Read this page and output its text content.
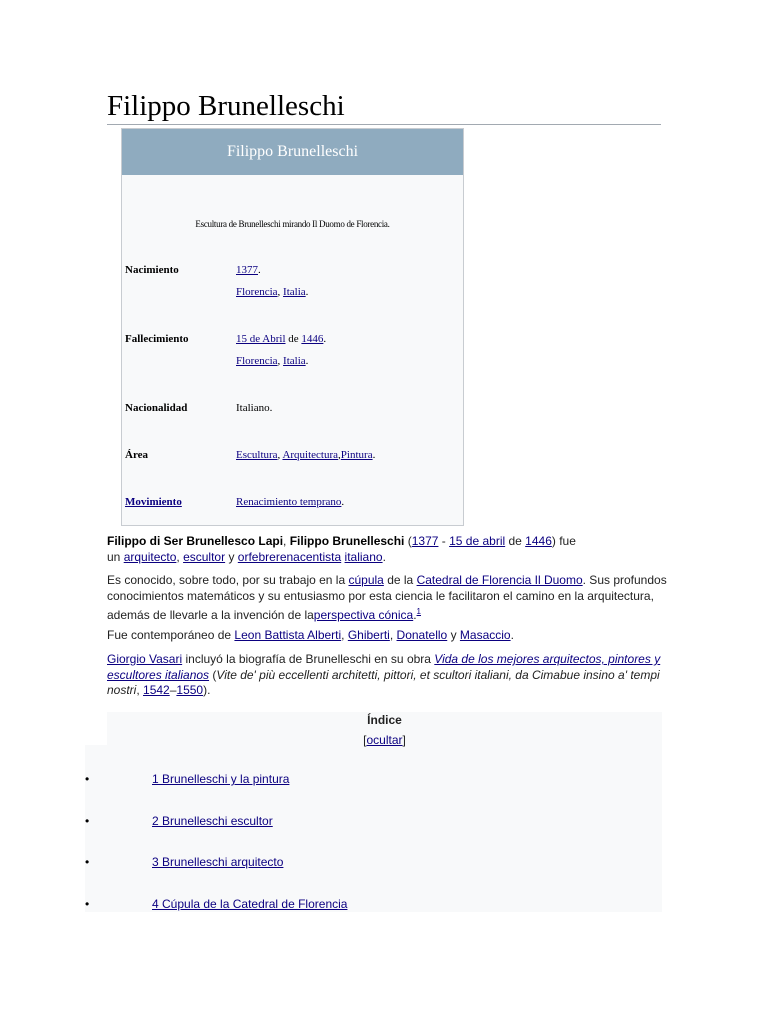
Filippo Brunelleschi
Filippo Brunelleschi
Escultura de Brunelleschi mirando Il Duomo de Florencia.
Nacimiento	1377.
Florencia, Italia.
Fallecimiento	15 de Abril de 1446.
Florencia, Italia.
Nacionalidad	Italiano.
Área	Escultura, Arquitectura,Pintura.
Movimiento	Renacimiento temprano.

Filippo di Ser Brunellesco Lapi, Filippo Brunelleschi (1377 - 15 de abril de 1446) fue
un arquitecto, escultor y orfebrerenacentista italiano.

Es conocido, sobre todo, por su trabajo en la cúpula de la Catedral de Florencia Il Duomo. Sus profundos conocimientos matemáticos y su entusiasmo por esta ciencia le facilitaron el camino en la arquitectura, además de llevarle a la invención de laperspectiva cónica.$^1$

Fue contemporáneo de Leon Battista Alberti, Ghiberti, Donatello y Masaccio.

Giorgio Vasari incluyó la biografía de Brunelleschi en su obra Vida de los mejores arquitectos, pintores y escultores italianos (Vite de' più eccellenti architetti, pittori, et scultori italiani, da Cimabue insino a' tempi nostri, 1542–1550).

Índice
[ocultar]
•	1 Brunelleschi y la pintura
•	2 Brunelleschi escultor
•	3 Brunelleschi arquitecto
•	4 Cúpula de la Catedral de Florencia
